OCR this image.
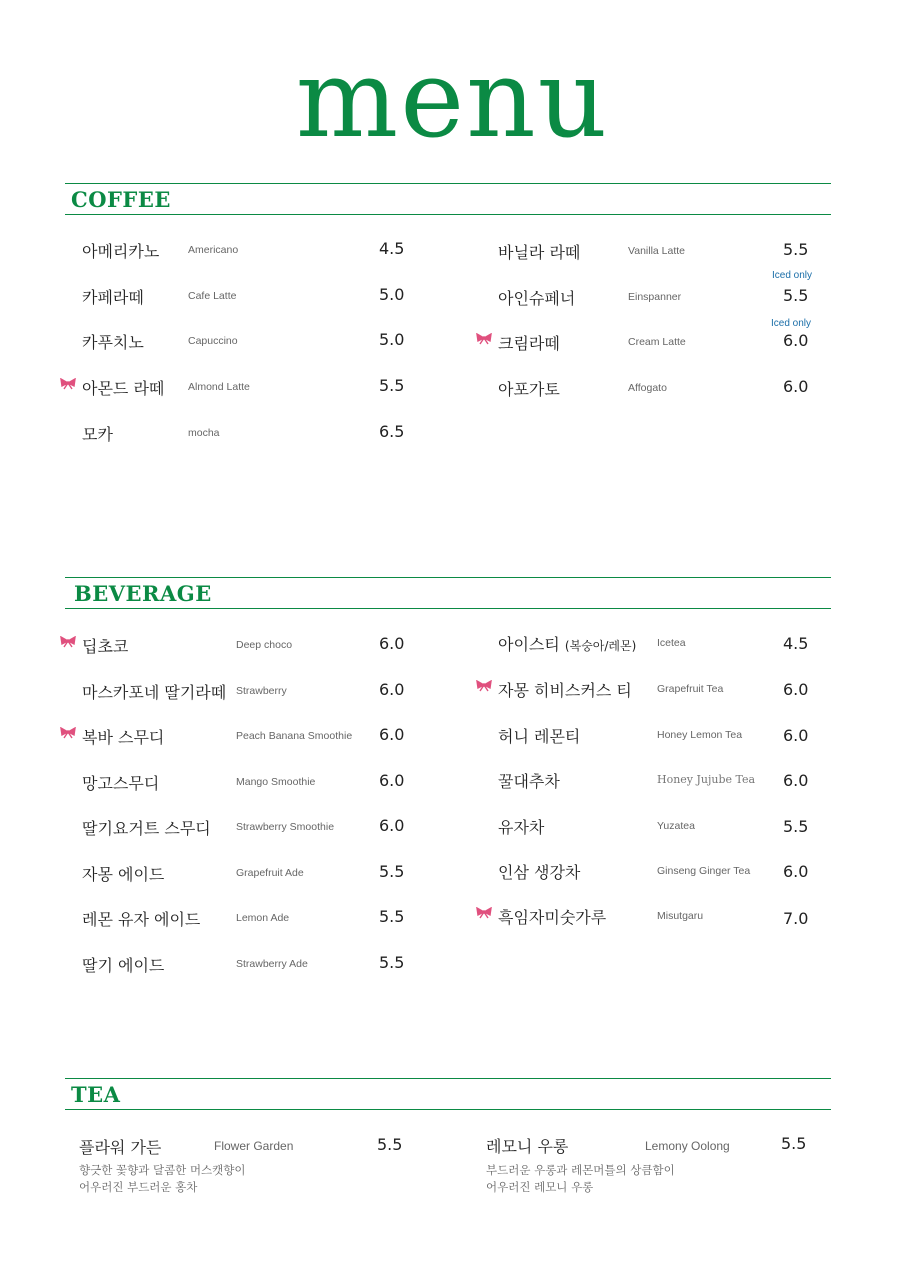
menu
COFFEE
아메리카노	Americano	4.5
카페라떼	Cafe Latte	5.0
카푸치노	Capuccino	5.0
아몬드 라떼 Almond Latte	5.5
모카	mocha	6.5
바닐라 라떼	Vanilla Latte	5.5
Iced only
아인슈페너	Einspanner	5.5
Iced only
크림라떼	Cream Latte	6.0
아포가토	Affogato	6.0
BEVERAGE
딥초코	Deep choco	6.0
마스카포네 딸기라떼 Strawberry	6.0
복바 스무디	Peach Banana Smoothie 6.0
망고스무디	Mango Smoothie	6.0
딸기요거트 스무디 Strawberry Smoothie	6.0
자몽 에이드	Grapefruit Ade	5.5
레몬 유자 에이드	Lemon Ade	5.5
딸기 에이드	Strawberry Ade	5.5
아이스티 (복숭아/레몬) Icetea	4.5
자몽 히비스커스 티 Grapefruit Tea	6.0
허니 레몬티	Honey Lemon Tea	6.0
꿀대추차	Honey Jujube Tea 6.0
유자차	Yuzatea	5.5
인삼 생강차	Ginseng Ginger Tea 6.0
흑임자미숫가루	Misutgaru	7.0
TEA
플라워 가든	Flower Garden	5.5
향긋한 꽃향과 달콤한 머스캣향이
어우러진 부드러운 홍차
레모니 우롱	Lemony Oolong	5.5
부드러운 우롱과 레몬머틀의 상큼함이
어우러진 레모니 우롱
